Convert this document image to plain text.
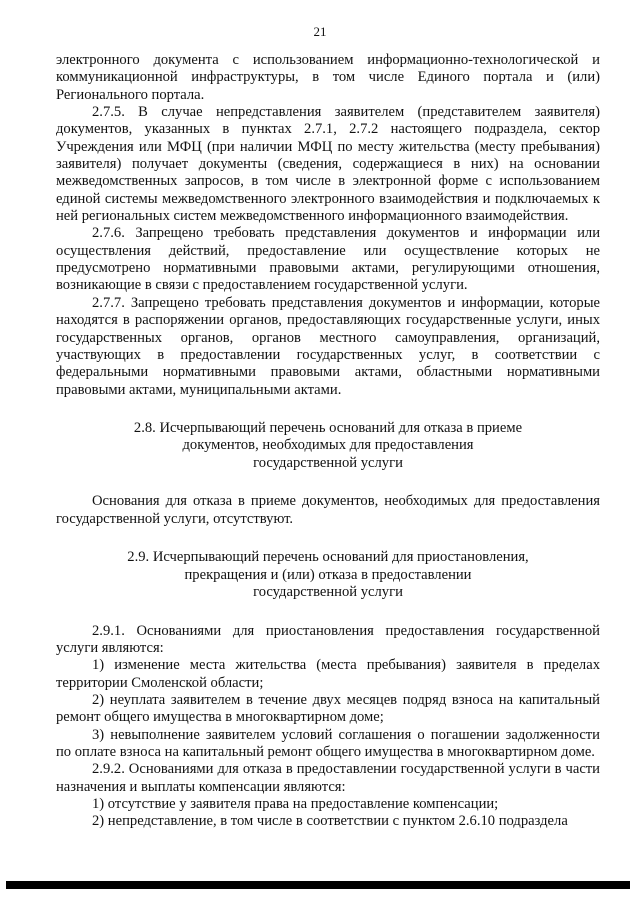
21

электронного документа с использованием информационно-технологической и коммуникационной инфраструктуры, в том числе Единого портала и (или) Регионального портала.

2.7.5. В случае непредставления заявителем (представителем заявителя) документов, указанных в пунктах 2.7.1, 2.7.2 настоящего подраздела, сектор Учреждения или МФЦ (при наличии МФЦ по месту жительства (месту пребывания) заявителя) получает документы (сведения, содержащиеся в них) на основании межведомственных запросов, в том числе в электронной форме с использованием единой системы межведомственного электронного взаимодействия и подключаемых к ней региональных систем межведомственного информационного взаимодействия.

2.7.6. Запрещено требовать представления документов и информации или осуществления действий, предоставление или осуществление которых не предусмотрено нормативными правовыми актами, регулирующими отношения, возникающие в связи с предоставлением государственной услуги.

2.7.7. Запрещено требовать представления документов и информации, которые находятся в распоряжении органов, предоставляющих государственные услуги, иных государственных органов, органов местного самоуправления, организаций, участвующих в предоставлении государственных услуг, в соответствии с федеральными нормативными правовыми актами, областными нормативными правовыми актами, муниципальными актами.

2.8. Исчерпывающий перечень оснований для отказа в приеме
документов, необходимых для предоставления
государственной услуги

Основания для отказа в приеме документов, необходимых для предоставления государственной услуги, отсутствуют.

2.9. Исчерпывающий перечень оснований для приостановления,
прекращения и (или) отказа в предоставлении
государственной услуги

2.9.1. Основаниями для приостановления предоставления государственной услуги являются:

1) изменение места жительства (места пребывания) заявителя в пределах территории Смоленской области;

2) неуплата заявителем в течение двух месяцев подряд взноса на капитальный ремонт общего имущества в многоквартирном доме;

3) невыполнение заявителем условий соглашения о погашении задолженности по оплате взноса на капитальный ремонт общего имущества в многоквартирном доме.

2.9.2. Основаниями для отказа в предоставлении государственной услуги в части назначения и выплаты компенсации являются:

1) отсутствие у заявителя права на предоставление компенсации;

2) непредставление, в том числе в соответствии с пунктом 2.6.10 подраздела
